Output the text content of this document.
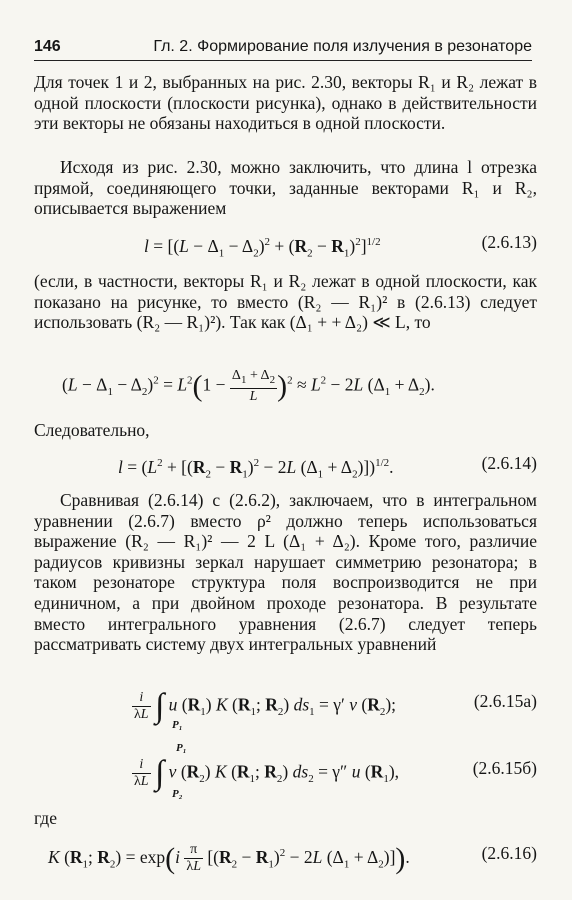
146	Гл. 2. Формирование поля излучения в резонаторе

Для точек 1 и 2, выбранных на рис. 2.30, векторы R₁ и R₂ лежат в одной плоскости (плоскости рисунка), однако в действительности эти векторы не обязаны находиться в одной плоскости.

Исходя из рис. 2.30, можно заключить, что длина l отрезка прямой, соединяющего точки, заданные векторами R₁ и R₂, описывается выражением

$l = [(L - \Delta_1 - \Delta_2)^2 + (R_2 - R_1)^2]^{1/2}$	(2.6.13)

(если, в частности, векторы R₁ и R₂ лежат в одной плоскости, как показано на рисунке, то вместо (R₂ — R₁)² в (2.6.13) следует использовать (R₂ — R₁)²). Так как (Δ₁ + + Δ₂) ≪ L, то

$(L - \Delta_1 - \Delta_2)^2 = L^2(1 - \frac{\Delta_1 + \Delta_2}{L} )^2 \approx L^2 - 2L$ $(\Delta_1 + \Delta_2)$.

Следовательно,

$l = (L^2 + [(R_2 - R_1)^2 - 2L$ $(\Delta_1 + \Delta_2)])^{1/2}$.	(2.6.14)

Сравнивая (2.6.14) с (2.6.2), заключаем, что в интегральном уравнении (2.6.7) вместо ρ² должно теперь использоваться выражение (R₂ — R₁)² — 2 L (Δ₁ + Δ₂). Кроме того, различие радиусов кривизны зеркал нарушает симметрию резонатора; в таком резонаторе структура поля воспроизводится не при единичном, а при двойном проходе резонатора. В результате вместо интегрального уравнения (2.6.7) следует теперь рассматривать систему двух интегральных уравнений

$\frac{i}{\lambda L}$ ∫ u $(R_1)$ K ($R_1$; $R_2$) $ds_1 = \gamma'$ v $(R_2)$;
P₁
(2.6.15a)
P₁
$\frac{i}{\lambda L}$ ∫ v $(R_2)$ K ($R_1$; $R_2$) $ds_2 = \gamma''$ u $(R_1)$,
P₂
(2.6.15б)

где

K ($R_1$; $R_2) = \exp(i \frac{\pi}{\lambda L} [(R_2 - R_1)^2 - 2L$ $(\Delta_1 + \Delta_2)$]).	(2.6.16)
